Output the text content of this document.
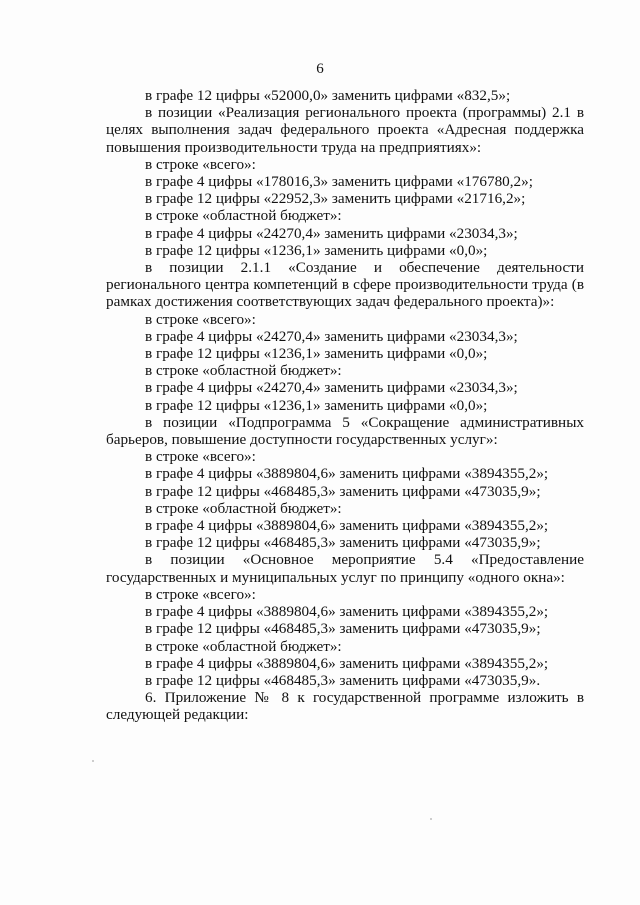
6

в графе 12 цифры «52000,0» заменить цифрами «832,5»;

в позиции «Реализация регионального проекта (программы) 2.1 в целях выполнения задач федерального проекта «Адресная поддержка повышения производительности труда на предприятиях»:

в строке «всего»:

в графе 4 цифры «178016,3» заменить цифрами «176780,2»;

в графе 12 цифры «22952,3» заменить цифрами «21716,2»;

в строке «областной бюджет»:

в графе 4 цифры «24270,4» заменить цифрами «23034,3»;

в графе 12 цифры «1236,1» заменить цифрами «0,0»;

в позиции 2.1.1 «Создание и обеспечение деятельности регионального центра компетенций в сфере производительности труда (в рамках достижения соответствующих задач федерального проекта)»:

в строке «всего»:

в графе 4 цифры «24270,4» заменить цифрами «23034,3»;

в графе 12 цифры «1236,1» заменить цифрами «0,0»;

в строке «областной бюджет»:

в графе 4 цифры «24270,4» заменить цифрами «23034,3»;

в графе 12 цифры «1236,1» заменить цифрами «0,0»;

в позиции «Подпрограмма 5 «Сокращение административных барьеров, повышение доступности государственных услуг»:

в строке «всего»:

в графе 4 цифры «3889804,6» заменить цифрами «3894355,2»;

в графе 12 цифры «468485,3» заменить цифрами «473035,9»;

в строке «областной бюджет»:

в графе 4 цифры «3889804,6» заменить цифрами «3894355,2»;

в графе 12 цифры «468485,3» заменить цифрами «473035,9»;

в позиции «Основное мероприятие 5.4 «Предоставление государственных и муниципальных услуг по принципу «одного окна»:

в строке «всего»:

в графе 4 цифры «3889804,6» заменить цифрами «3894355,2»;

в графе 12 цифры «468485,3» заменить цифрами «473035,9»;

в строке «областной бюджет»:

в графе 4 цифры «3889804,6» заменить цифрами «3894355,2»;

в графе 12 цифры «468485,3» заменить цифрами «473035,9».

6. Приложение № 8 к государственной программе изложить в следующей редакции:
